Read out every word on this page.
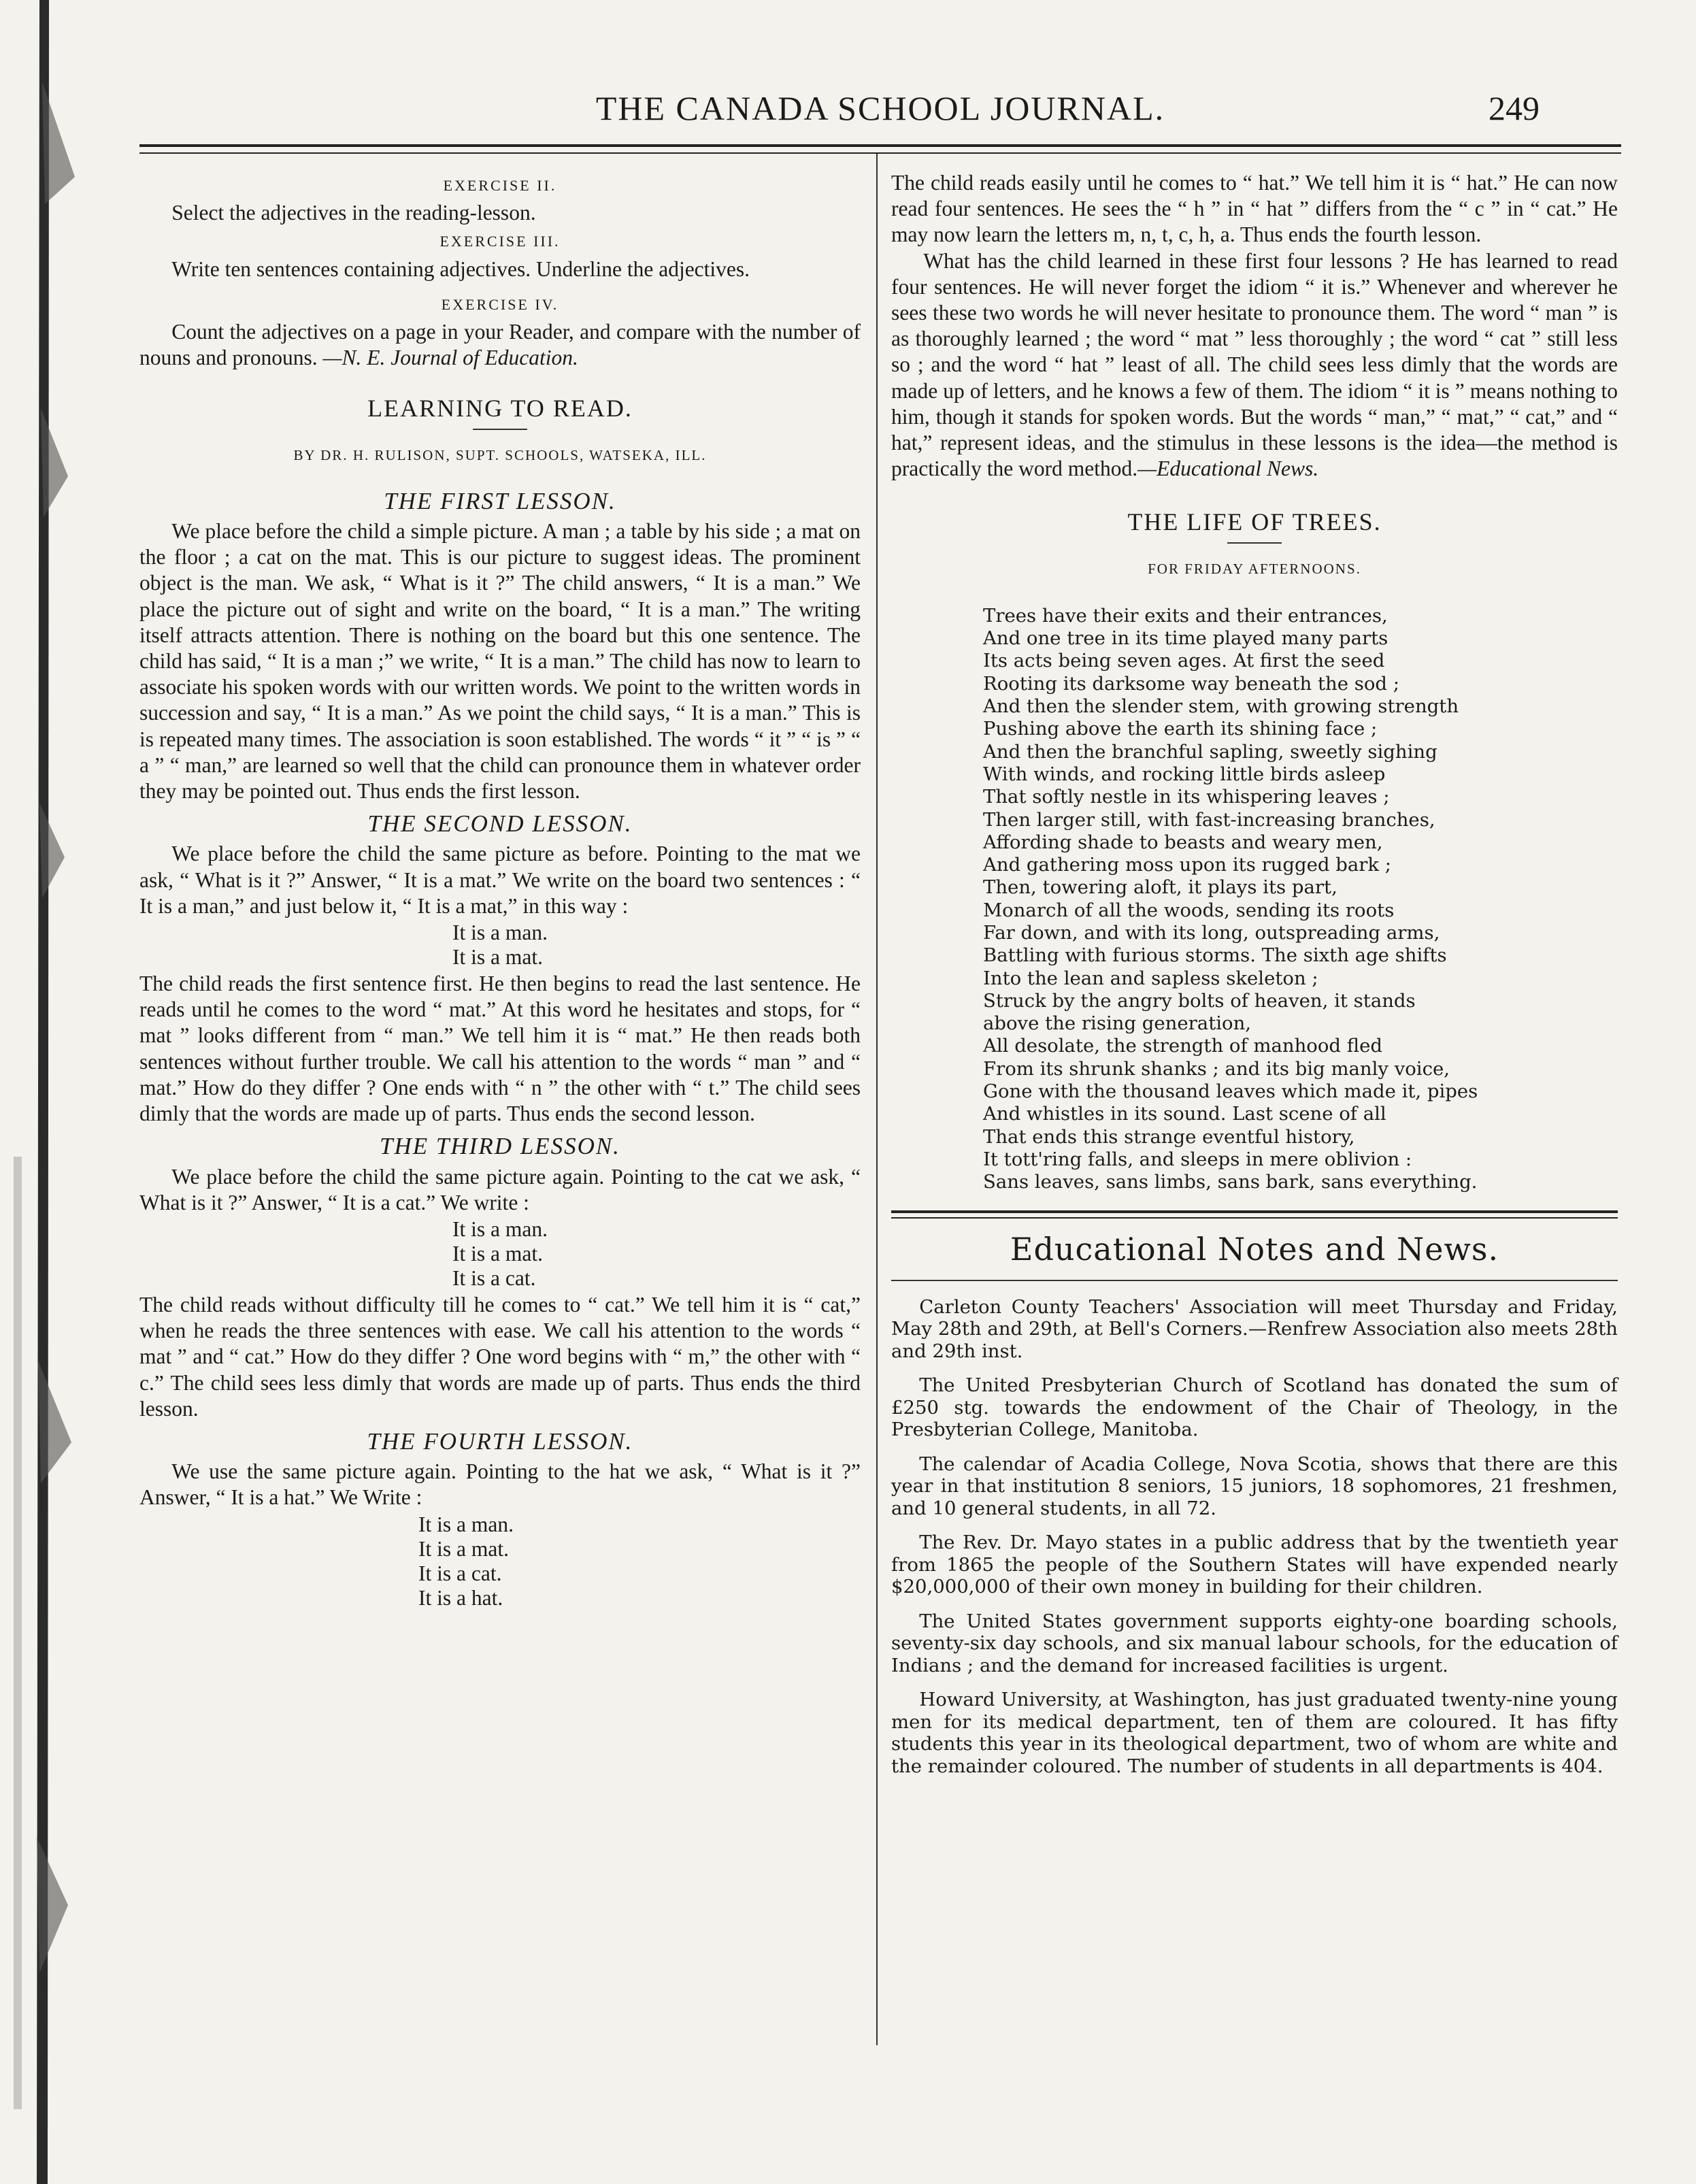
THE CANADA SCHOOL JOURNAL.	249
EXERCISE II.

Select the adjectives in the reading-lesson.

EXERCISE III.

Write ten sentences containing adjectives. Underline the adjectives.

EXERCISE IV.

Count the adjectives on a page in your Reader, and compare with the number of nouns and pronouns. —N. E. Journal of Education.

LEARNING TO READ.
BY DR. H. RULISON, SUPT. SCHOOLS, WATSEKA, ILL.
THE FIRST LESSON.

We place before the child a simple picture. A man ; a table by his side ; a mat on the floor ; a cat on the mat. This is our picture to suggest ideas. The prominent object is the man. We ask, “ What is it ?” The child answers, “ It is a man.” We place the picture out of sight and write on the board, “ It is a man.” The writing itself attracts attention. There is nothing on the board but this one sentence. The child has said, “ It is a man ;” we write, “ It is a man.” The child has now to learn to associate his spoken words with our written words. We point to the written words in succession and say, “ It is a man.” As we point the child says, “ It is a man.” This is is repeated many times. The association is soon established. The words “ it ” “ is ” “ a ” “ man,” are learned so well that the child can pronounce them in whatever order they may be pointed out. Thus ends the first lesson.

THE SECOND LESSON.

We place before the child the same picture as before. Pointing to the mat we ask, “ What is it ?” Answer, “ It is a mat.” We write on the board two sentences : “ It is a man,” and just below it, “ It is a mat,” in this way :

It is a man.
It is a mat.

The child reads the first sentence first. He then begins to read the last sentence. He reads until he comes to the word “ mat.” At this word he hesitates and stops, for “ mat ” looks different from “ man.” We tell him it is “ mat.” He then reads both sentences without further trouble. We call his attention to the words “ man ” and “ mat.” How do they differ ? One ends with “ n ” the other with “ t.” The child sees dimly that the words are made up of parts. Thus ends the second lesson.

THE THIRD LESSON.

We place before the child the same picture again. Pointing to the cat we ask, “ What is it ?” Answer, “ It is a cat.” We write :

It is a man.
It is a mat.
It is a cat.

The child reads without difficulty till he comes to “ cat.” We tell him it is “ cat,” when he reads the three sentences with ease. We call his attention to the words “ mat ” and “ cat.” How do they differ ? One word begins with “ m,” the other with “ c.” The child sees less dimly that words are made up of parts. Thus ends the third lesson.

THE FOURTH LESSON.

We use the same picture again. Pointing to the hat we ask, “ What is it ?” Answer, “ It is a hat.” We Write :

It is a man.
It is a mat.
It is a cat.
It is a hat.

The child reads easily until he comes to “ hat.” We tell him it is “ hat.” He can now read four sentences. He sees the “ h ” in “ hat ” differs from the “ c ” in “ cat.” He may now learn the letters m, n, t, c, h, a. Thus ends the fourth lesson.

What has the child learned in these first four lessons ? He has learned to read four sentences. He will never forget the idiom “ it is.” Whenever and wherever he sees these two words he will never hesitate to pronounce them. The word “ man ” is as thoroughly learned ; the word “ mat ” less thoroughly ; the word “ cat ” still less so ; and the word “ hat ” least of all. The child sees less dimly that the words are made up of letters, and he knows a few of them. The idiom “ it is ” means nothing to him, though it stands for spoken words. But the words “ man,” “ mat,” “ cat,” and “ hat,” represent ideas, and the stimulus in these lessons is the idea—the method is practically the word method.—Educational News.

THE LIFE OF TREES.
FOR FRIDAY AFTERNOONS.
Trees have their exits and their entrances,
And one tree in its time played many parts
Its acts being seven ages. At first the seed
Rooting its darksome way beneath the sod ;
And then the slender stem, with growing strength
Pushing above the earth its shining face ;
And then the branchful sapling, sweetly sighing
With winds, and rocking little birds asleep
That softly nestle in its whispering leaves ;
Then larger still, with fast-increasing branches,
Affording shade to beasts and weary men,
And gathering moss upon its rugged bark ;
Then, towering aloft, it plays its part,
Monarch of all the woods, sending its roots
Far down, and with its long, outspreading arms,
Battling with furious storms. The sixth age shifts
Into the lean and sapless skeleton ;
Struck by the angry bolts of heaven, it stands
above the rising generation,
All desolate, the strength of manhood fled
From its shrunk shanks ; and its big manly voice,
Gone with the thousand leaves which made it, pipes
And whistles in its sound. Last scene of all
That ends this strange eventful history,
It tott'ring falls, and sleeps in mere oblivion :
Sans leaves, sans limbs, sans bark, sans everything.
Educational Notes and News.

Carleton County Teachers' Association will meet Thursday and Friday, May 28th and 29th, at Bell's Corners.—Renfrew Association also meets 28th and 29th inst.

The United Presbyterian Church of Scotland has donated the sum of £250 stg. towards the endowment of the Chair of Theology, in the Presbyterian College, Manitoba.

The calendar of Acadia College, Nova Scotia, shows that there are this year in that institution 8 seniors, 15 juniors, 18 sophomores, 21 freshmen, and 10 general students, in all 72.

The Rev. Dr. Mayo states in a public address that by the twentieth year from 1865 the people of the Southern States will have expended nearly $20,000,000 of their own money in building for their children.

The United States government supports eighty-one boarding schools, seventy-six day schools, and six manual labour schools, for the education of Indians ; and the demand for increased facilities is urgent.

Howard University, at Washington, has just graduated twenty-nine young men for its medical department, ten of them are coloured. It has fifty students this year in its theological department, two of whom are white and the remainder coloured. The number of students in all departments is 404.
